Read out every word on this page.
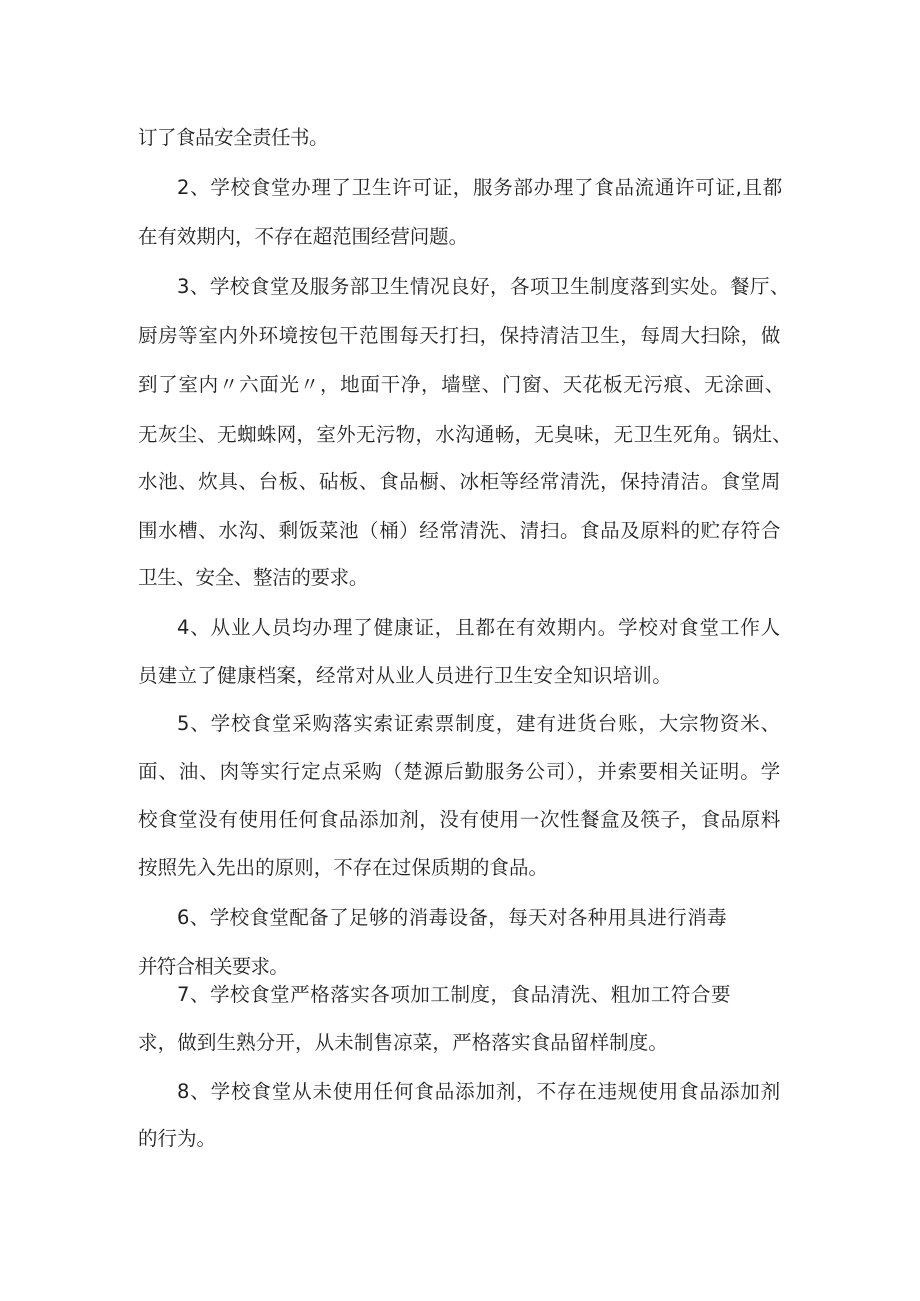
订了食品安全责任书。

2、学校食堂办理了卫生许可证，服务部办理了食品流通许可证,且都

在有效期内，不存在超范围经营问题。

3、学校食堂及服务部卫生情况良好，各项卫生制度落到实处。餐厅、

厨房等室内外环境按包干范围每天打扫，保持清洁卫生，每周大扫除，做

到了室内〃六面光〃，地面干净，墙壁、门窗、天花板无污痕、无涂画、

无灰尘、无蜘蛛网，室外无污物，水沟通畅，无臭味，无卫生死角。锅灶、

水池、炊具、台板、砧板、食品橱、冰柜等经常清洗，保持清洁。食堂周

围水槽、水沟、剩饭菜池（桶）经常清洗、清扫。食品及原料的贮存符合

卫生、安全、整洁的要求。

4、从业人员均办理了健康证，且都在有效期内。学校对食堂工作人

员建立了健康档案，经常对从业人员进行卫生安全知识培训。

5、学校食堂采购落实索证索票制度，建有进货台账，大宗物资米、

面、油、肉等实行定点采购（楚源后勤服务公司），并索要相关证明。学

校食堂没有使用任何食品添加剂，没有使用一次性餐盒及筷子，食品原料

按照先入先出的原则，不存在过保质期的食品。

6、学校食堂配备了足够的消毒设备，每天对各种用具进行消毒

并符合相关要求。

7、学校食堂严格落实各项加工制度，食品清洗、粗加工符合要

求，做到生熟分开，从未制售凉菜，严格落实食品留样制度。

8、学校食堂从未使用任何食品添加剂，不存在违规使用食品添加剂

的行为。
